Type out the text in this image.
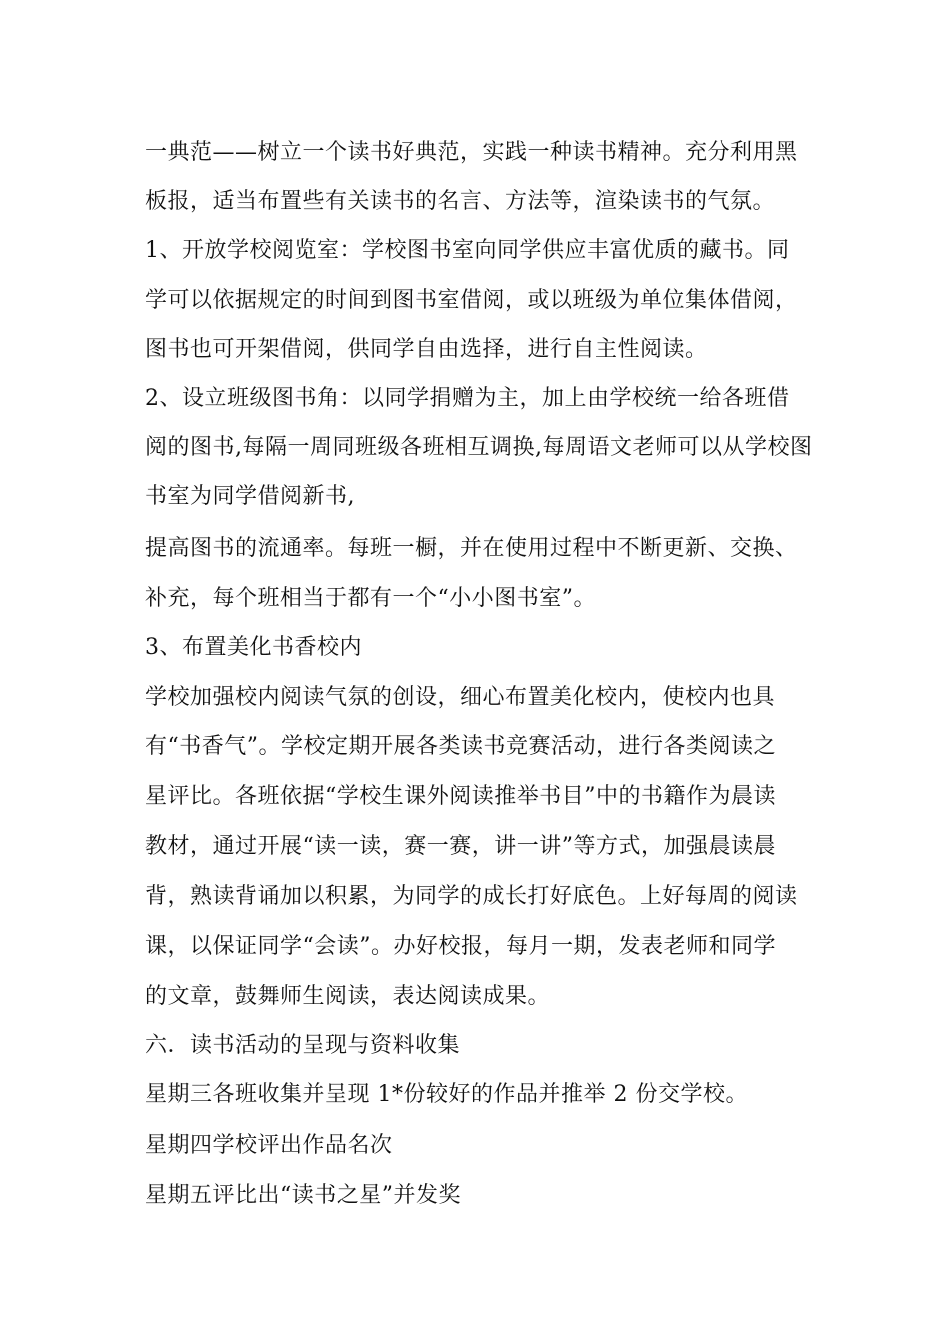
一典范——树立一个读书好典范，实践一种读书精神。充分利用黑
板报，适当布置些有关读书的名言、方法等，渲染读书的气氛。
1、开放学校阅览室：学校图书室向同学供应丰富优质的藏书。同
学可以依据规定的时间到图书室借阅，或以班级为单位集体借阅，
图书也可开架借阅，供同学自由选择，进行自主性阅读。
2、设立班级图书角：以同学捐赠为主，加上由学校统一给各班借
阅的图书,每隔一周同班级各班相互调换,每周语文老师可以从学校图
书室为同学借阅新书,
提高图书的流通率。每班一橱，并在使用过程中不断更新、交换、
补充，每个班相当于都有一个“小小图书室”。
3、布置美化书香校内
学校加强校内阅读气氛的创设，细心布置美化校内，使校内也具
有“书香气”。学校定期开展各类读书竞赛活动，进行各类阅读之
星评比。各班依据“学校生课外阅读推举书目”中的书籍作为晨读
教材，通过开展“读一读，赛一赛，讲一讲”等方式，加强晨读晨
背，熟读背诵加以积累，为同学的成长打好底色。上好每周的阅读
课，以保证同学“会读”。办好校报，每月一期，发表老师和同学
的文章，鼓舞师生阅读，表达阅读成果。
六．读书活动的呈现与资料收集
星期三各班收集并呈现 1*份较好的作品并推举 2 份交学校。
星期四学校评出作品名次
星期五评比出“读书之星”并发奖
